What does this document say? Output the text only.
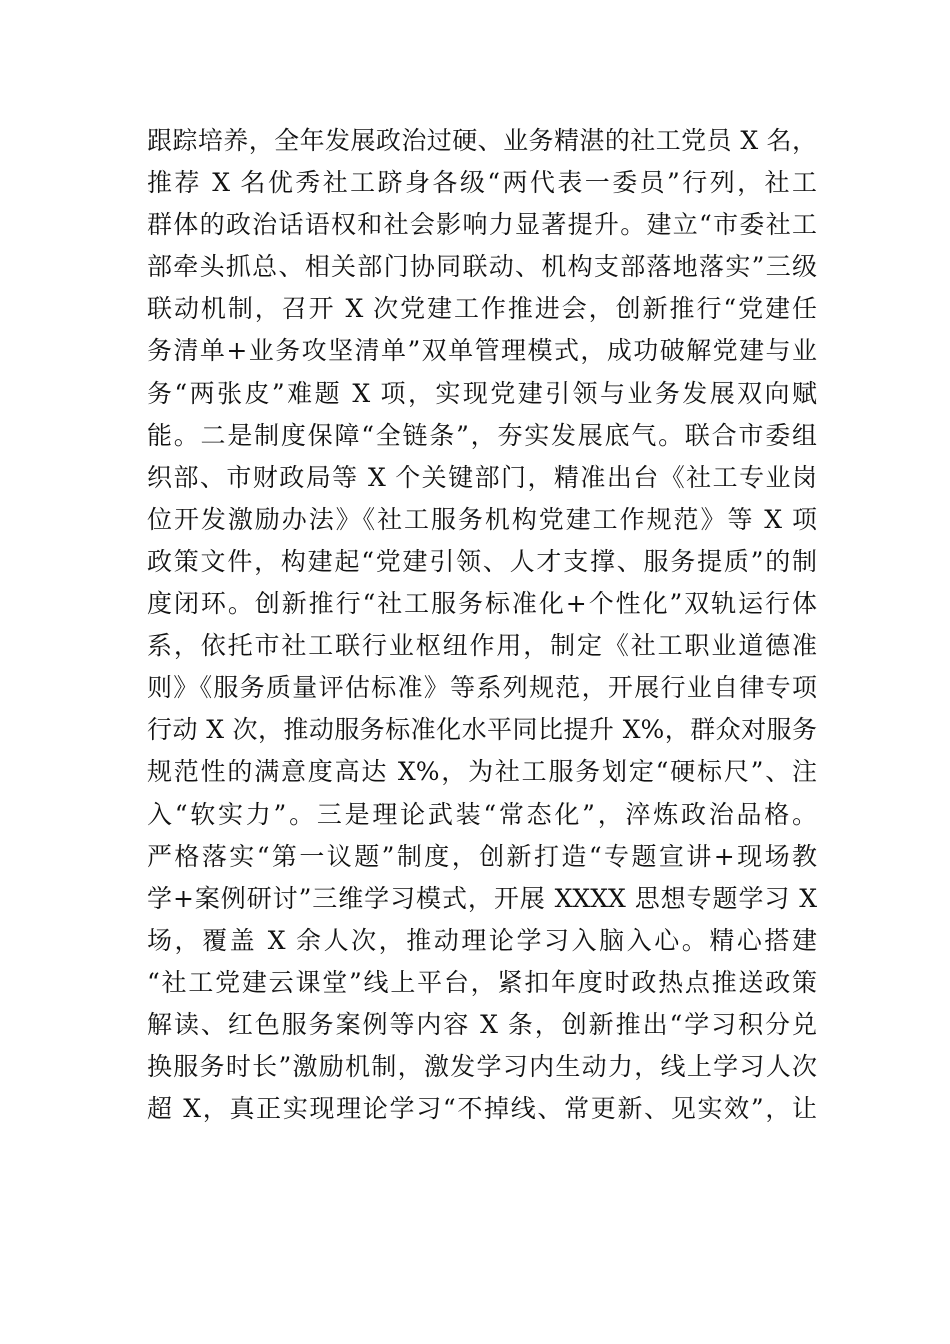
跟踪培养，全年发展政治过硬、业务精湛的社工党员 X 名，
推荐 X 名优秀社工跻身各级“两代表一委员”行列，社工
群体的政治话语权和社会影响力显著提升。建立“市委社工
部牵头抓总、相关部门协同联动、机构支部落地落实”三级
联动机制，召开 X 次党建工作推进会，创新推行“党建任
务清单+业务攻坚清单”双单管理模式，成功破解党建与业
务“两张皮”难题 X 项，实现党建引领与业务发展双向赋
能。二是制度保障“全链条”，夯实发展底气。联合市委组
织部、市财政局等 X 个关键部门，精准出台《社工专业岗
位开发激励办法》《社工服务机构党建工作规范》等 X 项
政策文件，构建起“党建引领、人才支撑、服务提质”的制
度闭环。创新推行“社工服务标准化+个性化”双轨运行体
系，依托市社工联行业枢纽作用，制定《社工职业道德准
则》《服务质量评估标准》等系列规范，开展行业自律专项
行动 X 次，推动服务标准化水平同比提升 X%，群众对服务
规范性的满意度高达 X%，为社工服务划定“硬标尺”、注
入“软实力”。三是理论武装“常态化”，淬炼政治品格。
严格落实“第一议题”制度，创新打造“专题宣讲+现场教
学+案例研讨”三维学习模式，开展 XXXX 思想专题学习 X
场，覆盖 X 余人次，推动理论学习入脑入心。精心搭建
“社工党建云课堂”线上平台，紧扣年度时政热点推送政策
解读、红色服务案例等内容 X 条，创新推出“学习积分兑
换服务时长”激励机制，激发学习内生动力，线上学习人次
超 X，真正实现理论学习“不掉线、常更新、见实效”，让
